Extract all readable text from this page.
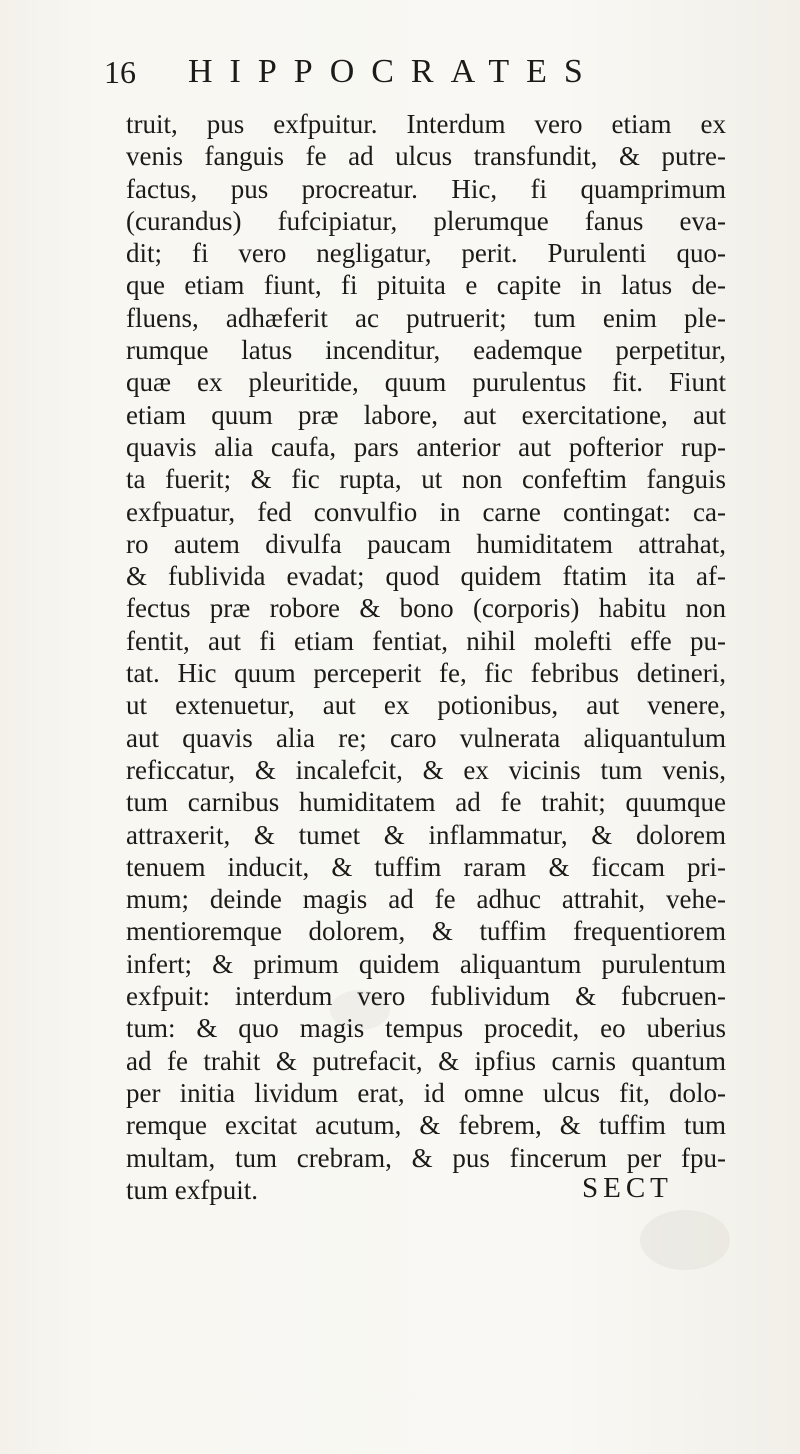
16 HIPPOCRATES
truit, pus exfpuitur. Interdum vero etiam ex
venis fanguis fe ad ulcus transfundit, & putre-
factus, pus procreatur. Hic, fi quamprimum
(curandus) fufcipiatur, plerumque fanus eva-
dit; fi vero negligatur, perit. Purulenti quo-
que etiam fiunt, fi pituita e capite in latus de-
fluens, adhæferit ac putruerit; tum enim ple-
rumque latus incenditur, eademque perpetitur,
quæ ex pleuritide, quum purulentus fit. Fiunt
etiam quum præ labore, aut exercitatione, aut
quavis alia caufa, pars anterior aut pofterior rup-
ta fuerit; & fic rupta, ut non confeftim fanguis
exfpuatur, fed convulfio in carne contingat: ca-
ro autem divulfa paucam humiditatem attrahat,
& fublivida evadat; quod quidem ftatim ita af-
fectus præ robore & bono (corporis) habitu non
fentit, aut fi etiam fentiat, nihil molefti effe pu-
tat. Hic quum perceperit fe, fic febribus detineri,
ut extenuetur, aut ex potionibus, aut venere,
aut quavis alia re; caro vulnerata aliquantulum
reficcatur, & incalefcit, & ex vicinis tum venis,
tum carnibus humiditatem ad fe trahit; quumque
attraxerit, & tumet & inflammatur, & dolorem
tenuem inducit, & tuffim raram & ficcam pri-
mum; deinde magis ad fe adhuc attrahit, vehe-
mentioremque dolorem, & tuffim frequentiorem
infert; & primum quidem aliquantum purulentum
exfpuit: interdum vero fublividum & fubcruen-
tum: & quo magis tempus procedit, eo uberius
ad fe trahit & putrefacit, & ipfius carnis quantum
per initia lividum erat, id omne ulcus fit, dolo-
remque excitat acutum, & febrem, & tuffim tum
multam, tum crebram, & pus fincerum per fpu-
tum exfpuit.	SECT
